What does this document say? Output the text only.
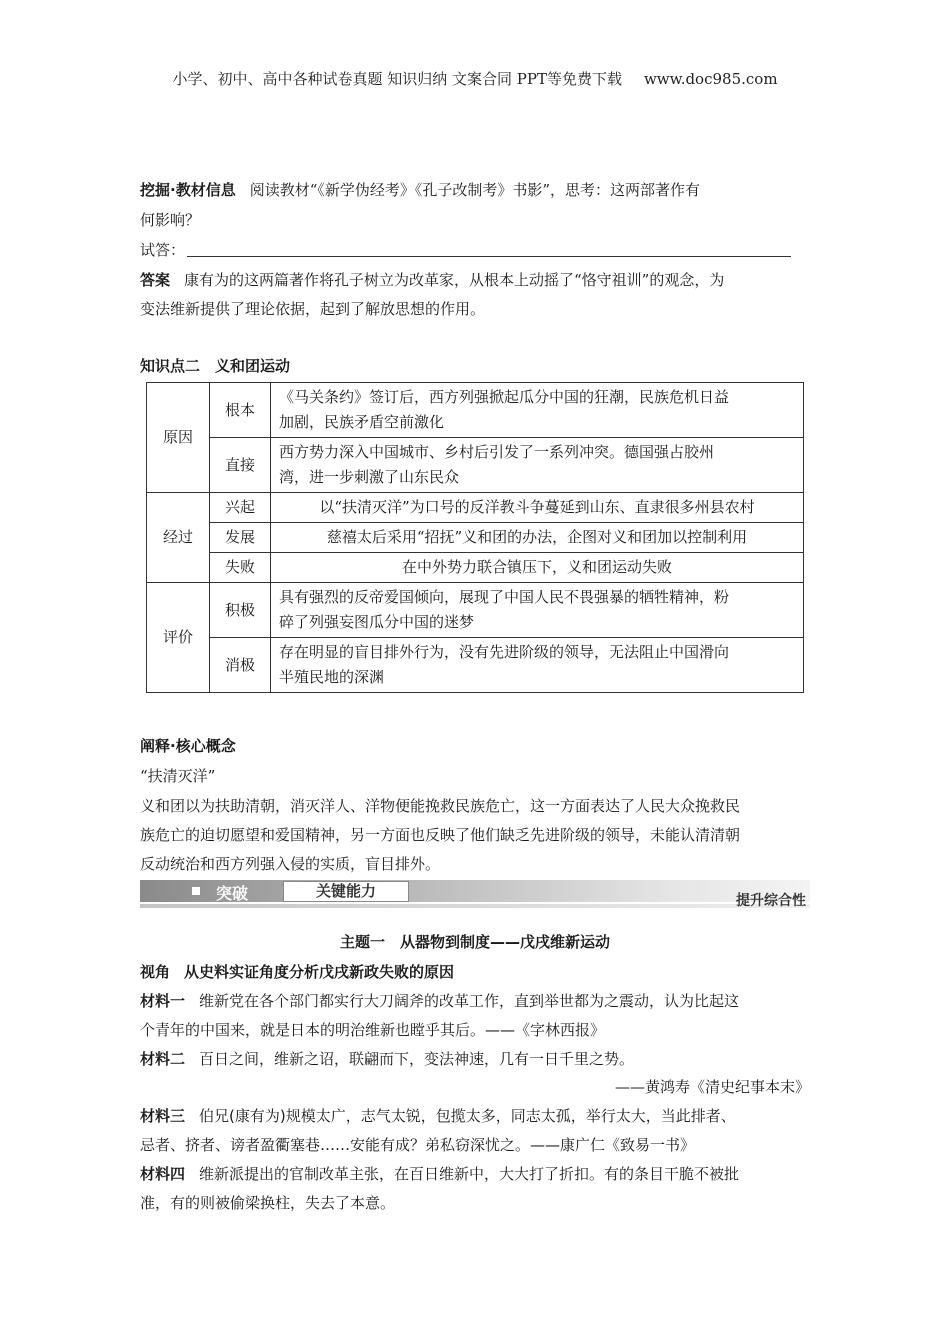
小学、初中、高中各种试卷真题 知识归纳 文案合同 PPT等免费下载 www.doc985.com
挖掘·教材信息 阅读教材“《新学伪经考》《孔子改制考》书影”，思考：这两部著作有
何影响？
试答：
答案 康有为的这两篇著作将孔子树立为改革家，从根本上动摇了“恪守祖训”的观念，为
变法维新提供了理论依据，起到了解放思想的作用。
知识点二　义和团运动
原因	根本	《马关条约》签订后，西方列强掀起瓜分中国的狂潮，民族危机日益
加剧，民族矛盾空前激化
	直接	西方势力深入中国城市、乡村后引发了一系列冲突。德国强占胶州
湾，进一步刺激了山东民众
经过	兴起	以“扶清灭洋”为口号的反洋教斗争蔓延到山东、直隶很多州县农村
	发展	慈禧太后采用“招抚”义和团的办法，企图对义和团加以控制利用
	失败	在中外势力联合镇压下，义和团运动失败
评价	积极	具有强烈的反帝爱国倾向，展现了中国人民不畏强暴的牺牲精神，粉
碎了列强妄图瓜分中国的迷梦
	消极	存在明显的盲目排外行为，没有先进阶级的领导，无法阻止中国滑向
半殖民地的深渊
阐释·核心概念
“扶清灭洋”
义和团以为扶助清朝，消灭洋人、洋物便能挽救民族危亡，这一方面表达了人民大众挽救民
族危亡的迫切愿望和爱国精神，另一方面也反映了他们缺乏先进阶级的领导，未能认清清朝
反动统治和西方列强入侵的实质，盲目排外。
突破	关键能力
提升综合性
主题一　从器物到制度——戊戌维新运动
视角 从史料实证角度分析戊戌新政失败的原因
材料一 维新党在各个部门都实行大刀阔斧的改革工作，直到举世都为之震动，认为比起这
个青年的中国来，就是日本的明治维新也瞠乎其后。——《字林西报》
材料二 百日之间，维新之诏，联翩而下，变法神速，几有一日千里之势。
——黄鸿寿《清史纪事本末》
材料三 伯兄(康有为)规模太广，志气太锐，包揽太多，同志太孤，举行太大，当此排者、
忌者、挤者、谤者盈衢塞巷……安能有成？弟私窃深忧之。——康广仁《致易一书》
材料四 维新派提出的官制改革主张，在百日维新中，大大打了折扣。有的条目干脆不被批
准，有的则被偷梁换柱，失去了本意。
